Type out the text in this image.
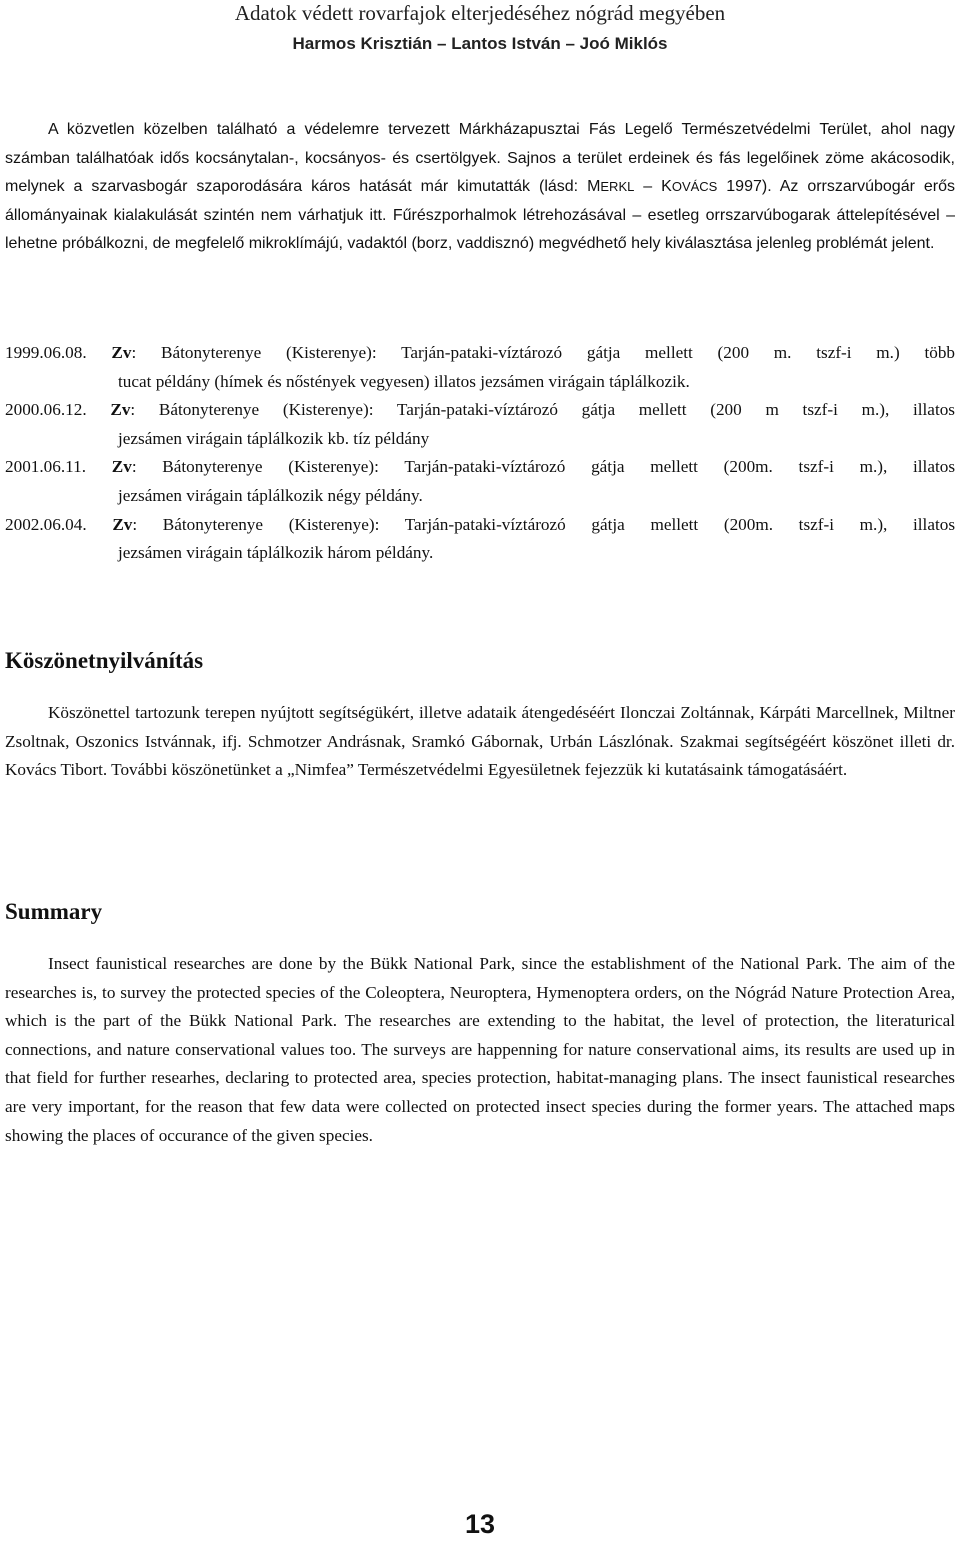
Adatok védett rovarfajok elterjedéséhez nógrád megyében
Harmos Krisztián – Lantos István – Joó Miklós

A közvetlen közelben található a védelemre tervezett Márkházapusztai Fás Legelő Természetvédelmi Terület, ahol nagy számban találhatóak idős kocsánytalan-, kocsányos- és csertölgyek. Sajnos a terület erdeinek és fás legelőinek zöme akácosodik, melynek a szarvasbogár szaporodására káros hatását már kimutatták (lásd: MERKL – KOVÁCS 1997). Az orrszarvúbogár erős állományainak kialakulását szintén nem várhatjuk itt. Fűrészporhalmok létrehozásával – esetleg orrszarvúbogarak áttelepítésével – lehetne próbálkozni, de megfelelő mikroklímájú, vadaktól (borz, vaddisznó) megvédhető hely kiválasztása jelenleg problémát jelent.

1999.06.08. Zv: Bátonyterenye (Kisterenye): Tarján-pataki-víztározó gátja mellett (200 m. tszf-i m.) több
tucat példány (hímek és nőstények vegyesen) illatos jezsámen virágain táplálkozik.

2000.06.12. Zv: Bátonyterenye (Kisterenye): Tarján-pataki-víztározó gátja mellett (200 m tszf-i m.), illatos
jezsámen virágain táplálkozik kb. tíz példány

2001.06.11. Zv: Bátonyterenye (Kisterenye): Tarján-pataki-víztározó gátja mellett (200m. tszf-i m.), illatos
jezsámen virágain táplálkozik négy példány.

2002.06.04. Zv: Bátonyterenye (Kisterenye): Tarján-pataki-víztározó gátja mellett (200m. tszf-i m.), illatos
jezsámen virágain táplálkozik három példány.

Köszönetnyilvánítás

Köszönettel tartozunk terepen nyújtott segítségükért, illetve adataik átengedéséért Ilonczai Zoltánnak, Kárpáti Marcellnek, Miltner Zsoltnak, Oszonics Istvánnak, ifj. Schmotzer Andrásnak, Sramkó Gábornak, Urbán Lászlónak. Szakmai segítségéért köszönet illeti dr. Kovács Tibort. További köszönetünket a „Nimfea” Természetvédelmi Egyesületnek fejezzük ki kutatásaink támogatásáért.

Summary

Insect faunistical researches are done by the Bükk National Park, since the establishment of the National Park. The aim of the researches is, to survey the protected species of the Coleoptera, Neuroptera, Hymenoptera orders, on the Nógrád Nature Protection Area, which is the part of the Bükk National Park. The researches are extending to the habitat, the level of protection, the literaturical connections, and nature conservational values too. The surveys are happenning for nature conservational aims, its results are used up in that field for further researhes, declaring to protected area, species protection, habitat-managing plans. The insect faunistical researches are very important, for the reason that few data were collected on protected insect species during the former years. The attached maps showing the places of occurance of the given species.

13
